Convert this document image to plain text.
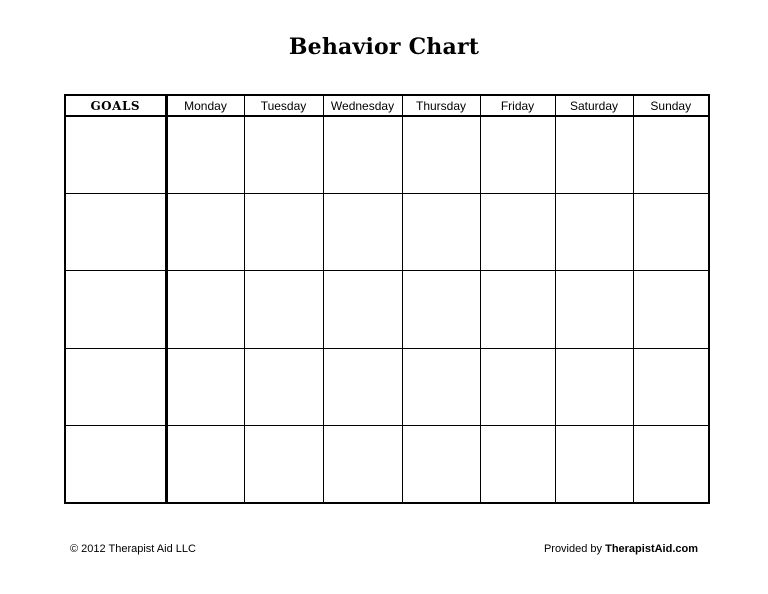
Behavior Chart
GOALS	Monday	Tuesday	Wednesday	Thursday	Friday	Saturday	Sunday

© 2012 Therapist Aid LLC	Provided by TherapistAid.com
